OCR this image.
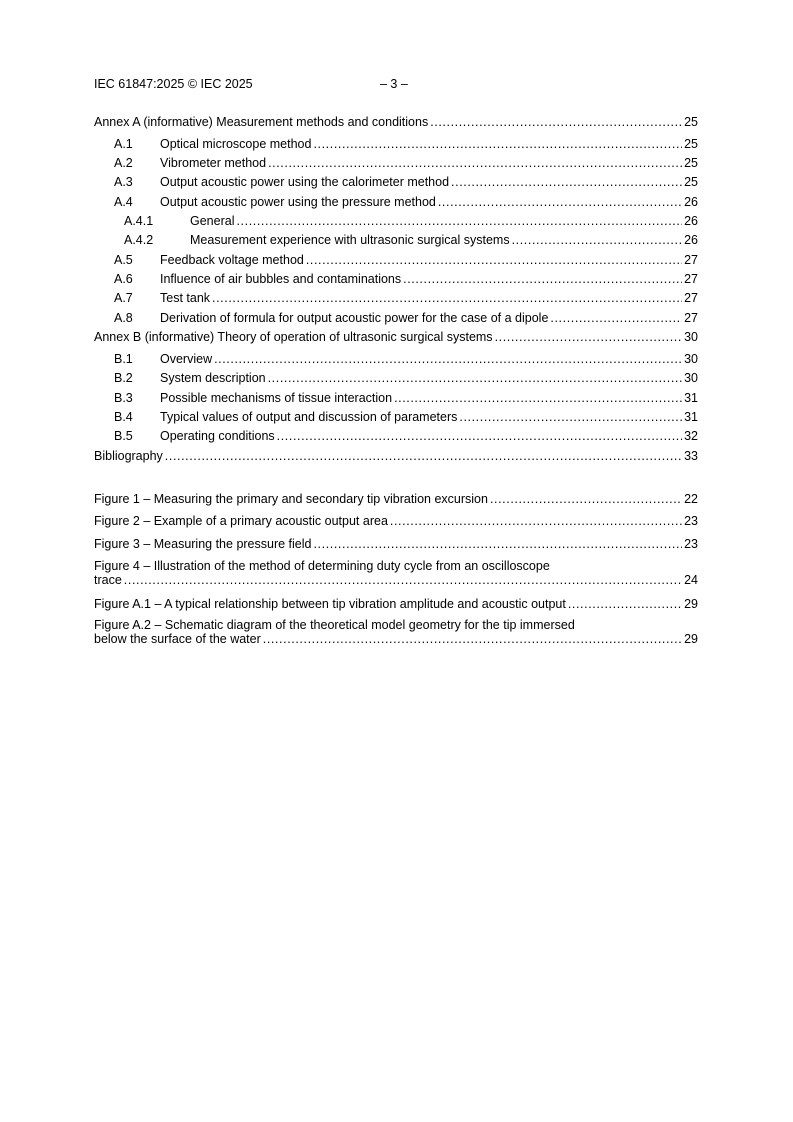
IEC 61847:2025 © IEC 2025	– 3 –
Annex A (informative) Measurement methods and conditions .....	25
A.1	Optical microscope method .....	25
A.2	Vibrometer method .....	25
A.3	Output acoustic power using the calorimeter method .....	25
A.4	Output acoustic power using the pressure method .....	26
A.4.1	General .....	26
A.4.2	Measurement experience with ultrasonic surgical systems .....	26
A.5	Feedback voltage method .....	27
A.6	Influence of air bubbles and contaminations .....	27
A.7	Test tank .....	27
A.8	Derivation of formula for output acoustic power for the case of a dipole .....	27
Annex B (informative) Theory of operation of ultrasonic surgical systems .....	30
B.1	Overview .....	30
B.2	System description .....	30
B.3	Possible mechanisms of tissue interaction .....	31
B.4	Typical values of output and discussion of parameters .....	31
B.5	Operating conditions .....	32
Bibliography .....	33
Figure 1 – Measuring the primary and secondary tip vibration excursion .....	22
Figure 2 – Example of a primary acoustic output area .....	23
Figure 3 – Measuring the pressure field .....	23
Figure 4 – Illustration of the method of determining duty cycle from an oscilloscope
trace .....	24
Figure A.1 – A typical relationship between tip vibration amplitude and acoustic output .....	29
Figure A.2 – Schematic diagram of the theoretical model geometry for the tip immersed
below the surface of the water .....	29
